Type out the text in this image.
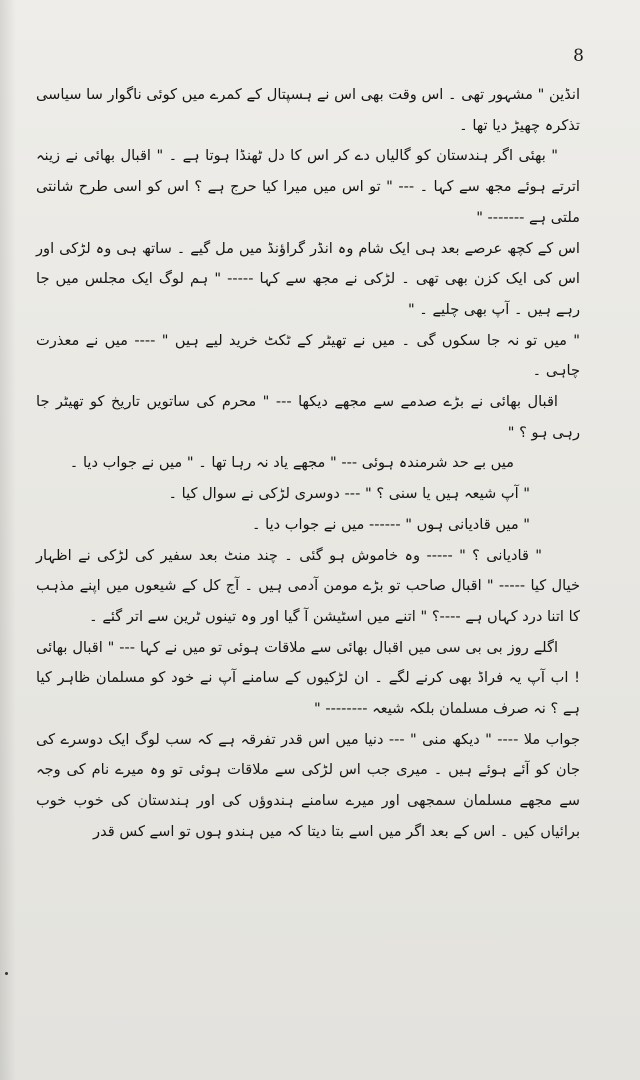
8

انڈین " مشہور تھی ۔ اس وقت بھی اس نے ہسپتال کے کمرے میں کوئی ناگوار سا سیاسی تذکرہ چھیڑ دیا تھا ۔

" بھئی اگر ہندستان کو گالیاں دے کر اس کا دل ٹھنڈا ہوتا ہے ۔ " اقبال بھائی نے زینہ اترتے ہوئے مجھ سے کہا ۔ --- " تو اس میں میرا کیا حرج ہے ؟ اس کو اسی طرح شانتی ملتی ہے ------- "

اس کے کچھ عرصے بعد ہی ایک شام وہ انڈر گراؤنڈ میں مل گیے ۔ ساتھ ہی وہ لڑکی اور اس کی ایک کزن بھی تھی ۔ لڑکی نے مجھ سے کہا ----- " ہم لوگ ایک مجلس میں جا رہے ہیں ۔ آپ بھی چلیے ۔ "

" میں تو نہ جا سکوں گی ۔ میں نے تھیٹر کے ٹکٹ خرید لیے ہیں " ---- میں نے معذرت چاہی ۔

اقبال بھائی نے بڑے صدمے سے مجھے دیکھا --- " محرم کی ساتویں تاریخ کو تھیٹر جا رہی ہو ؟ "

میں بے حد شرمندہ ہوئی --- " مجھے یاد نہ رہا تھا ۔ " میں نے جواب دیا ۔

" آپ شیعہ ہیں یا سنی ؟ " --- دوسری لڑکی نے سوال کیا ۔

" میں قادیانی ہوں " ------ میں نے جواب دیا ۔

" قادیانی ؟ " ----- وہ خاموش ہو گئی ۔ چند منٹ بعد سفیر کی لڑکی نے اظہار خیال کیا ----- " اقبال صاحب تو بڑے مومن آدمی ہیں ۔ آج کل کے شیعوں میں اپنے مذہب کا اتنا درد کہاں ہے ----؟ " اتنے میں اسٹیشن آ گیا اور وہ تینوں ٹرین سے اتر گئے ۔

اگلے روز بی بی سی میں اقبال بھائی سے ملاقات ہوئی تو میں نے کہا --- " اقبال بھائی ! اب آپ یہ فراڈ بھی کرنے لگے ۔ ان لڑکیوں کے سامنے آپ نے خود کو مسلمان ظاہر کیا ہے ؟ نہ صرف مسلمان بلکہ شیعہ -------- "

جواب ملا ---- " دیکھ منی " --- دنیا میں اس قدر تفرقہ ہے کہ سب لوگ ایک دوسرے کی جان کو آئے ہوئے ہیں ۔ میری جب اس لڑکی سے ملاقات ہوئی تو وہ میرے نام کی وجہ سے مجھے مسلمان سمجھی اور میرے سامنے ہندوؤں کی اور ہندستان کی خوب خوب برائیاں کیں ۔ اس کے بعد اگر میں اسے بتا دیتا کہ میں ہندو ہوں تو اسے کس قدر
